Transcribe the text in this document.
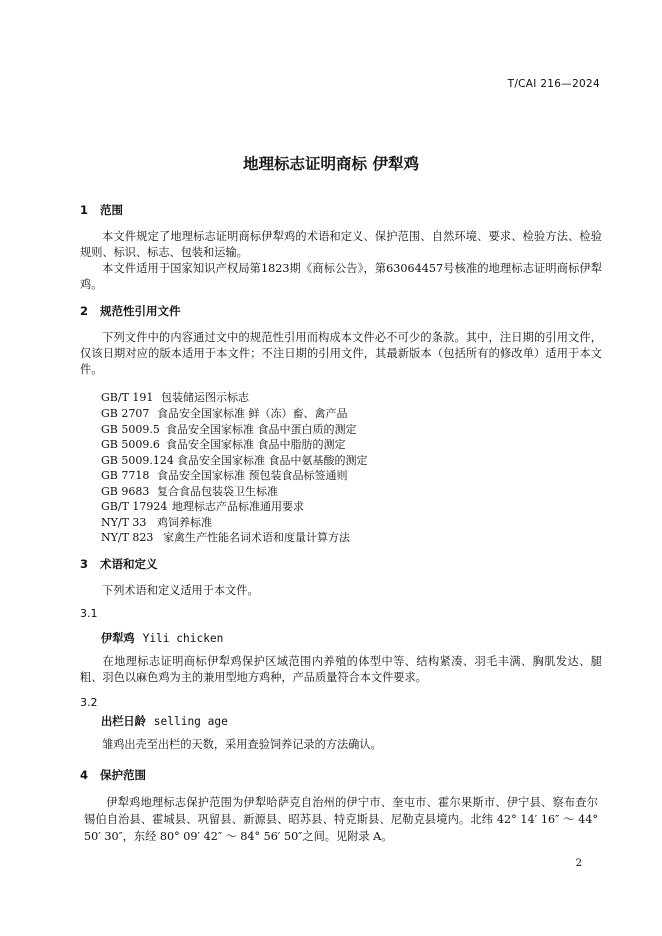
T/CAI 216—2024
地理标志证明商标 伊犁鸡
1 范围
本文件规定了地理标志证明商标伊犁鸡的术语和定义、保护范围、自然环境、要求、检验方法、检验规则、标识、标志、包装和运输。
本文件适用于国家知识产权局第1823期《商标公告》，第63064457号核准的地理标志证明商标伊犁鸡。
2 规范性引用文件
下列文件中的内容通过文中的规范性引用而构成本文件必不可少的条款。其中，注日期的引用文件，仅该日期对应的版本适用于本文件；不注日期的引用文件，其最新版本（包括所有的修改单）适用于本文件。
GB/T 191 包装储运图示标志
GB 2707 食品安全国家标准 鲜（冻）畜、禽产品
GB 5009.5 食品安全国家标准 食品中蛋白质的测定
GB 5009.6 食品安全国家标准 食品中脂肪的测定
GB 5009.124 食品安全国家标准 食品中氨基酸的测定
GB 7718 食品安全国家标准 预包装食品标签通则
GB 9683 复合食品包装袋卫生标准
GB/T 17924 地理标志产品标准通用要求
NY/T 33 鸡饲养标准
NY/T 823 家禽生产性能名词术语和度量计算方法
3 术语和定义
下列术语和定义适用于本文件。
3.1
伊犁鸡 Yili chicken
在地理标志证明商标伊犁鸡保护区域范围内养殖的体型中等、结构紧凑、羽毛丰满、胸肌发达、腿粗、羽色以麻色鸡为主的兼用型地方鸡种，产品质量符合本文件要求。
3.2
出栏日龄 selling age
雏鸡出壳至出栏的天数，采用查验饲养记录的方法确认。
4 保护范围
伊犁鸡地理标志保护范围为伊犁哈萨克自治州的伊宁市、奎屯市、霍尔果斯市、伊宁县、察布查尔锡伯自治县、霍城县、巩留县、新源县、昭苏县、特克斯县、尼勒克县境内。北纬 42° 14′ 16″ ～ 44° 50′ 30″，东经 80° 09′ 42″ ～ 84° 56′ 50″之间。见附录 A。
2
